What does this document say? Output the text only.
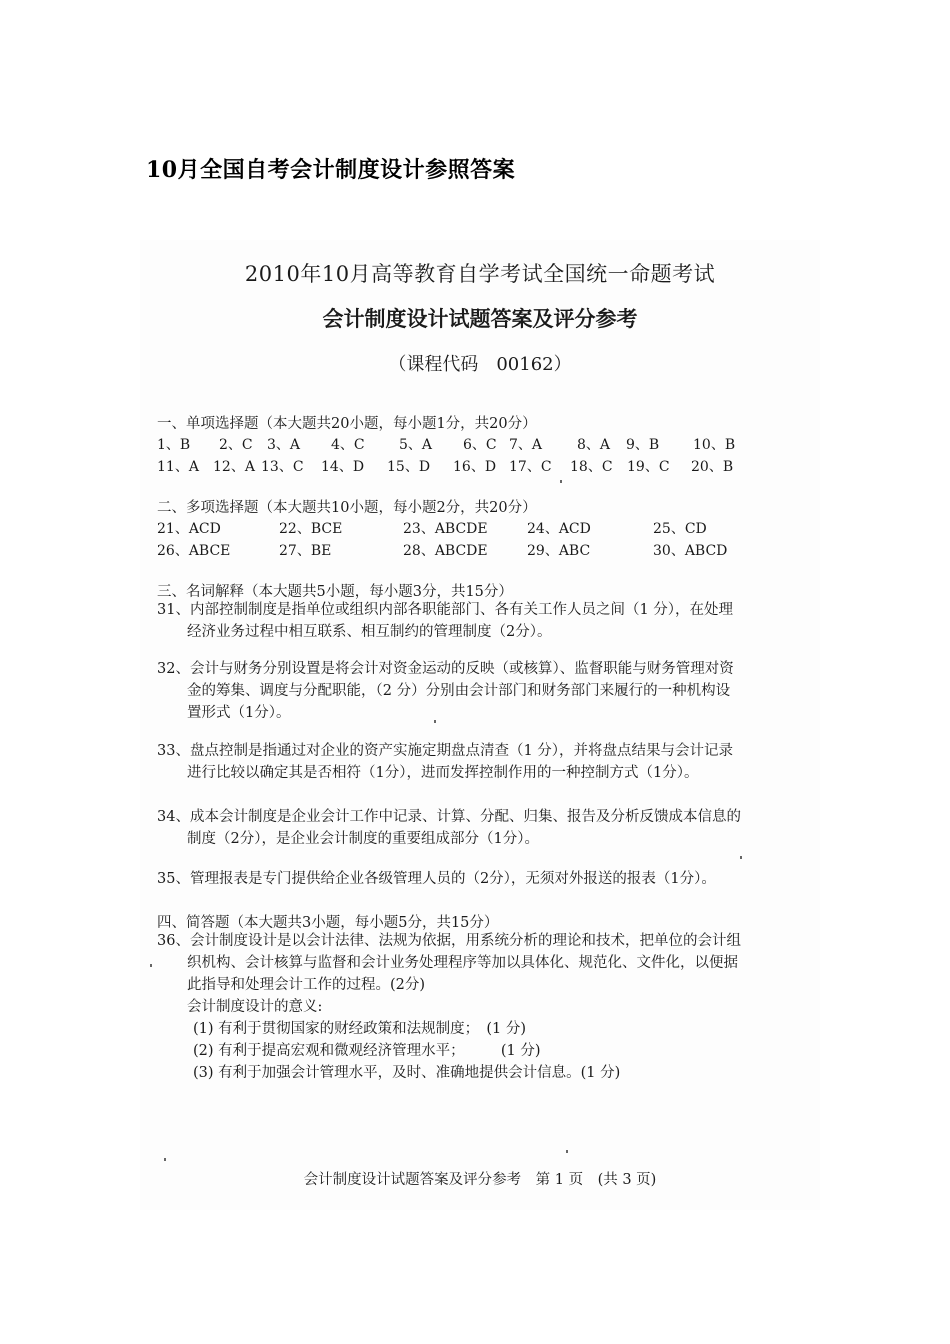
10月全国自考会计制度设计参照答案
2010年10月高等教育自学考试全国统一命题考试
会计制度设计试题答案及评分参考
（课程代码　00162）
一、单项选择题（本大题共20小题，每小题1分，共20分）
1、B 2、C 3、A 4、C 5、A 6、C 7、A 8、A 9、B 10、B
11、A 12、A 13、C 14、D 15、D 16、D 17、C 18、C 19、C 20、B
二、多项选择题（本大题共10小题，每小题2分，共20分）
21、ACD	22、BCE	23、ABCDE	24、ACD	25、CD
26、ABCE	27、BE	28、ABCDE	29、ABC	30、ABCD
三、名词解释（本大题共5小题，每小题3分，共15分）
31、内部控制制度是指单位或组织内部各职能部门、各有关工作人员之间（1 分），在处理
经济业务过程中相互联系、相互制约的管理制度（2分）。
32、会计与财务分别设置是将会计对资金运动的反映（或核算）、监督职能与财务管理对资
金的筹集、调度与分配职能，（2 分）分别由会计部门和财务部门来履行的一种机构设
置形式（1分）。
33、盘点控制是指通过对企业的资产实施定期盘点清查（1 分），并将盘点结果与会计记录
进行比较以确定其是否相符（1分），进而发挥控制作用的一种控制方式（1分）。
34、成本会计制度是企业会计工作中记录、计算、分配、归集、报告及分析反馈成本信息的
制度（2分），是企业会计制度的重要组成部分（1分）。
35、管理报表是专门提供给企业各级管理人员的（2分），无须对外报送的报表（1分）。
四、简答题（本大题共3小题，每小题5分，共15分）
36、会计制度设计是以会计法律、法规为依据，用系统分析的理论和技术，把单位的会计组
织机构、会计核算与监督和会计业务处理程序等加以具体化、规范化、文件化，以便据
此指导和处理会计工作的过程。(2分)
会计制度设计的意义:
(1) 有利于贯彻国家的财经政策和法规制度；　(1 分)
(2) 有利于提高宏观和微观经济管理水平；　　　(1 分)
(3) 有利于加强会计管理水平，及时、准确地提供会计信息。(1 分)
会计制度设计试题答案及评分参考　第 1 页　(共 3 页)
